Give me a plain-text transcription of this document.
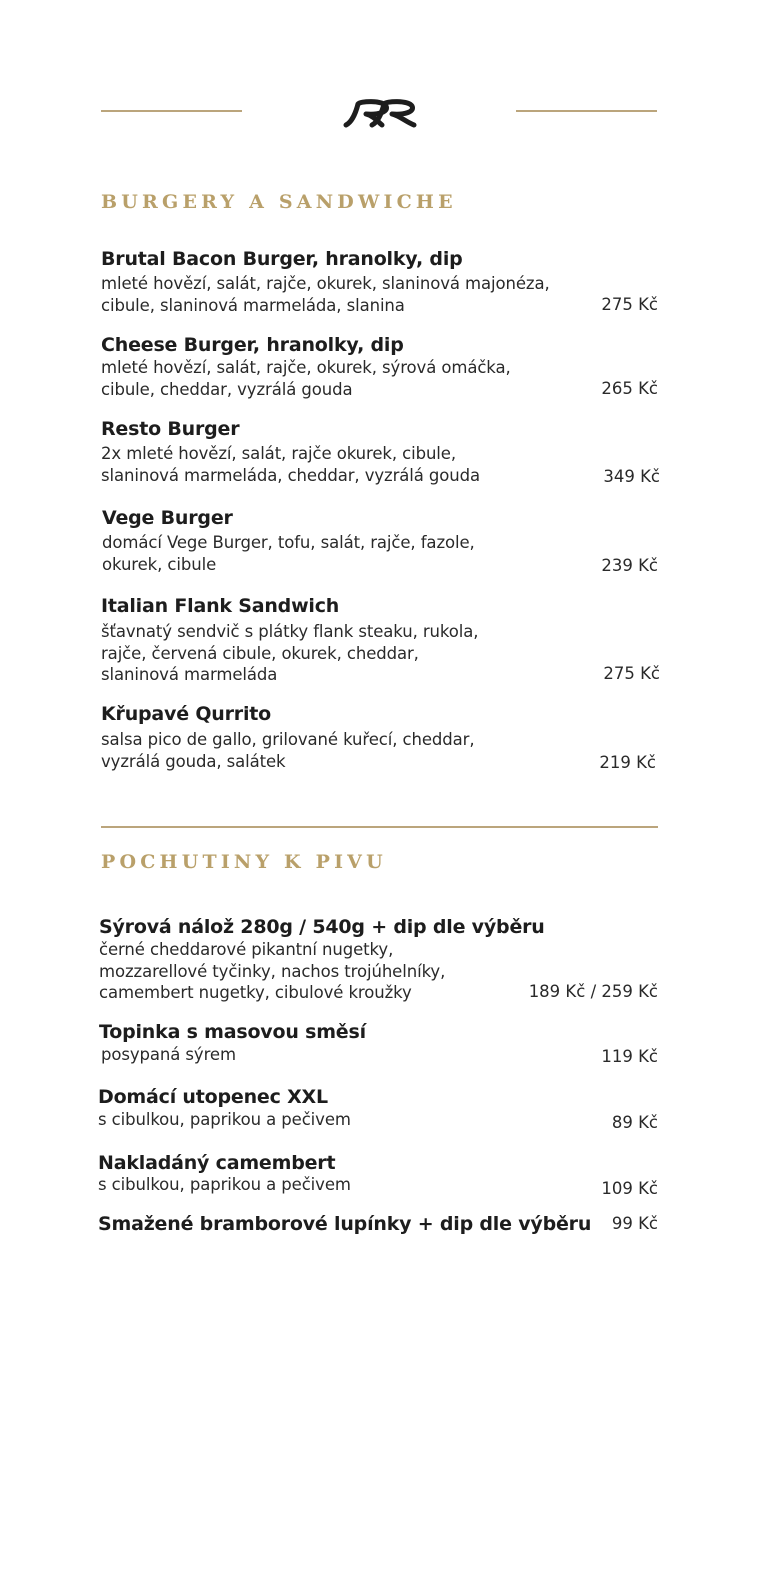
BURGERY A SANDWICHE
Brutal Bacon Burger, hranolky, dip

mleté hovězí, salát, rajče, okurek, slaninová majonéza,
cibule, slaninová marmeláda, slanina	275 Kč

Cheese Burger, hranolky, dip

mleté hovězí, salát, rajče, okurek, sýrová omáčka,
cibule, cheddar, vyzrálá gouda	265 Kč

Resto Burger

2x mleté hovězí, salát, rajče okurek, cibule,
slaninová marmeláda, cheddar, vyzrálá gouda	349 Kč

Vege Burger

domácí Vege Burger, tofu, salát, rajče, fazole,
okurek, cibule	239 Kč

Italian Flank Sandwich

šťavnatý sendvič s plátky flank steaku, rukola,
rajče, červená cibule, okurek, cheddar,
slaninová marmeláda	275 Kč

Křupavé Qurrito

salsa pico de gallo, grilované kuřecí, cheddar,
vyzrálá gouda, salátek	219 Kč

POCHUTINY K PIVU
Sýrová nálož 280g / 540g + dip dle výběru

černé cheddarové pikantní nugetky,
mozzarellové tyčinky, nachos trojúhelníky,
camembert nugetky, cibulové kroužky	189 Kč / 259 Kč

Topinka s masovou směsí

posypaná sýrem	119 Kč

Domácí utopenec XXL

s cibulkou, paprikou a pečivem	89 Kč

Nakladáný camembert

s cibulkou, paprikou a pečivem	109 Kč

Smažené bramborové lupínky + dip dle výběru 99 Kč
